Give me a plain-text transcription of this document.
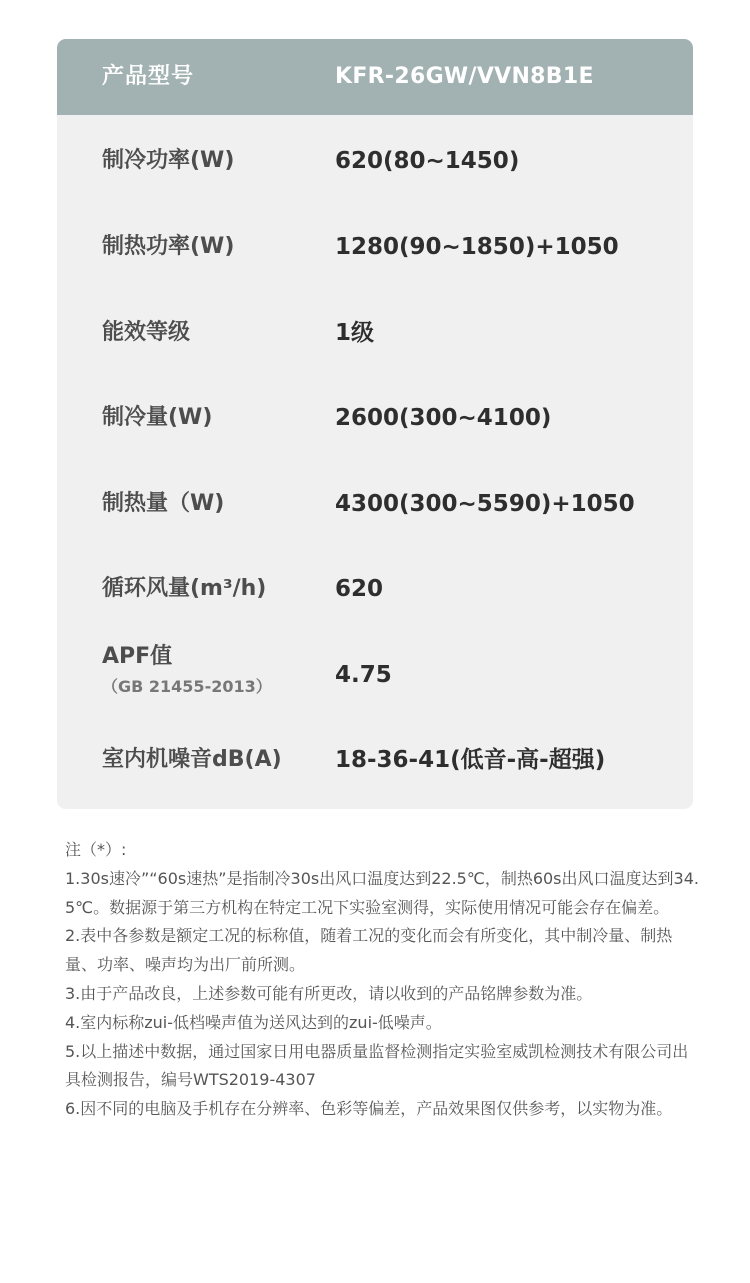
产品型号	KFR-26GW/VVN8B1E
制冷功率(W)	620(80~1450)
制热功率(W)	1280(90~1850)+1050
能效等级	1级
制冷量(W)	2600(300~4100)
制热量（W)	4300(300~5590)+1050
循环风量(m³/h)	620
APF值
（GB 21455-2013）	4.75
室内机噪音dB(A) 18-36-41(低音-高-超强)
注（*）:
1.30s速冷”“60s速热”是指制冷30s出风口温度达到22.5℃，制热60s出风口温度达到34.5℃。数据源于第三方机构在特定工况下实验室测得，实际使用情况可能会存在偏差。
2.表中各参数是额定工况的标称值，随着工况的变化而会有所变化，其中制冷量、制热量、功率、噪声均为出厂前所测。
3.由于产品改良，上述参数可能有所更改，请以收到的产品铭牌参数为准。
4.室内标称zui-低档噪声值为送风达到的zui-低噪声。
5.以上描述中数据，通过国家日用电器质量监督检测指定实验室威凯检测技术有限公司出具检测报告，编号WTS2019-4307
6.因不同的电脑及手机存在分辨率、色彩等偏差，产品效果图仅供参考，以实物为准。
